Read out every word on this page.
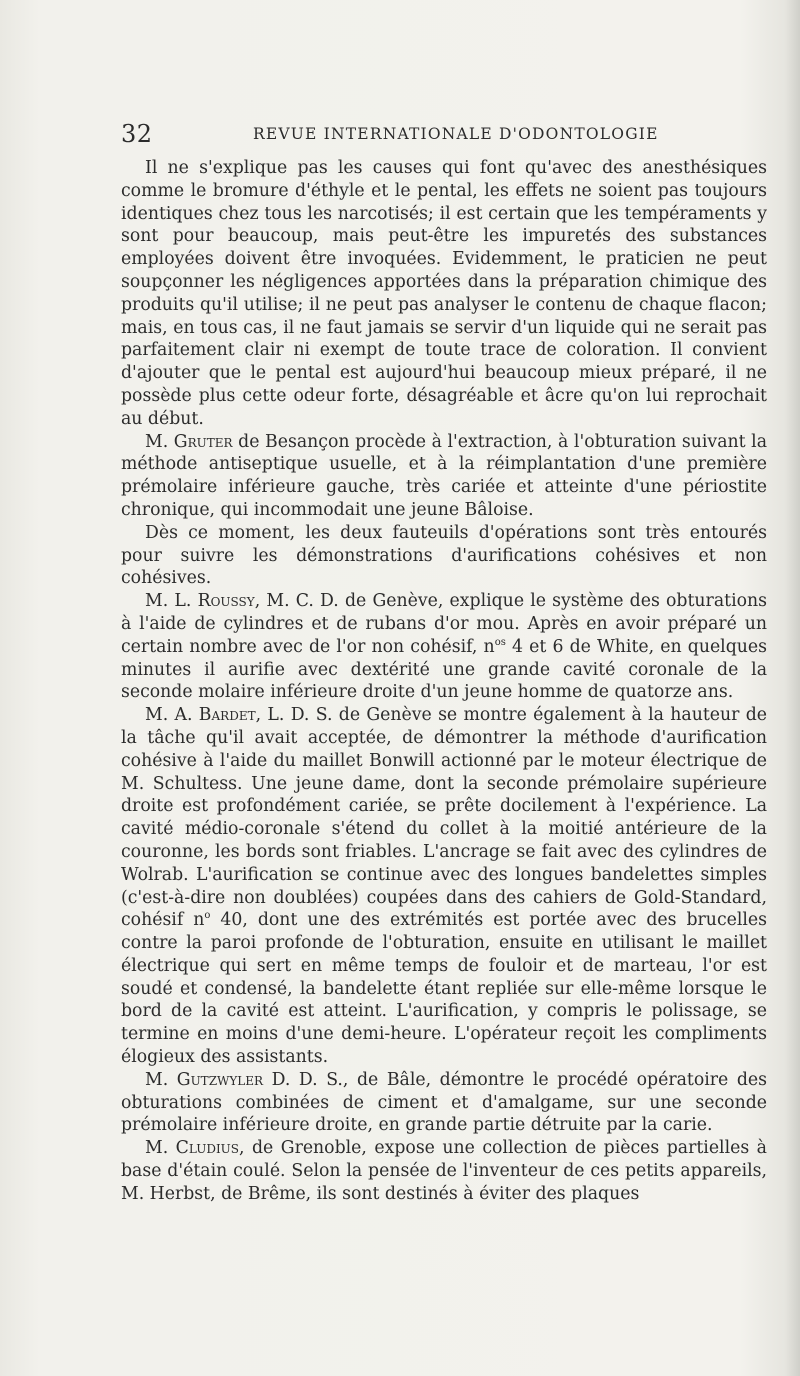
32	REVUE INTERNATIONALE D'ODONTOLOGIE

Il ne s'explique pas les causes qui font qu'avec des anesthésiques comme le bromure d'éthyle et le pental, les effets ne soient pas toujours identiques chez tous les narcotisés; il est certain que les tempéraments y sont pour beaucoup, mais peut-être les impuretés des substances employées doivent être invoquées. Evidemment, le praticien ne peut soupçonner les négligences apportées dans la préparation chimique des produits qu'il utilise; il ne peut pas analyser le contenu de chaque flacon; mais, en tous cas, il ne faut jamais se servir d'un liquide qui ne serait pas parfaitement clair ni exempt de toute trace de coloration. Il convient d'ajouter que le pental est aujourd'hui beaucoup mieux préparé, il ne possède plus cette odeur forte, désagréable et âcre qu'on lui reprochait au début.

M. Gruter de Besançon procède à l'extraction, à l'obturation suivant la méthode antiseptique usuelle, et à la réimplantation d'une première prémolaire inférieure gauche, très cariée et atteinte d'une périostite chronique, qui incommodait une jeune Bâloise.

Dès ce moment, les deux fauteuils d'opérations sont très entourés pour suivre les démonstrations d'aurifications cohésives et non cohésives.

M. L. Roussy, M. C. D. de Genève, explique le système des obturations à l'aide de cylindres et de rubans d'or mou. Après en avoir préparé un certain nombre avec de l'or non cohésif, $n^{os}$ 4 et 6 de White, en quelques minutes il aurifie avec dextérité une grande cavité coronale de la seconde molaire inférieure droite d'un jeune homme de quatorze ans.

M. A. Bardet, L. D. S. de Genève se montre également à la hauteur de la tâche qu'il avait acceptée, de démontrer la méthode d'aurification cohésive à l'aide du maillet Bonwill actionné par le moteur électrique de M. Schultess. Une jeune dame, dont la seconde prémolaire supérieure droite est profondément cariée, se prête docilement à l'expérience. La cavité médio-coronale s'étend du collet à la moitié antérieure de la couronne, les bords sont friables. L'ancrage se fait avec des cylindres de Wolrab. L'aurification se continue avec des longues bandelettes simples (c'est-à-dire non doublées) coupées dans des cahiers de Gold-Standard, cohésif $n^o$ 40, dont une des extrémités est portée avec des brucelles contre la paroi profonde de l'obturation, ensuite en utilisant le maillet électrique qui sert en même temps de fouloir et de marteau, l'or est soudé et condensé, la bandelette étant repliée sur elle-même lorsque le bord de la cavité est atteint. L'aurification, y compris le polissage, se termine en moins d'une demi-heure. L'opérateur reçoit les compliments élogieux des assistants.

M. Gutzwyler D. D. S., de Bâle, démontre le procédé opératoire des obturations combinées de ciment et d'amalgame, sur une seconde prémolaire inférieure droite, en grande partie détruite par la carie.

M. Cludius, de Grenoble, expose une collection de pièces partielles à base d'étain coulé. Selon la pensée de l'inventeur de ces petits appareils, M. Herbst, de Brême, ils sont destinés à éviter des plaques
